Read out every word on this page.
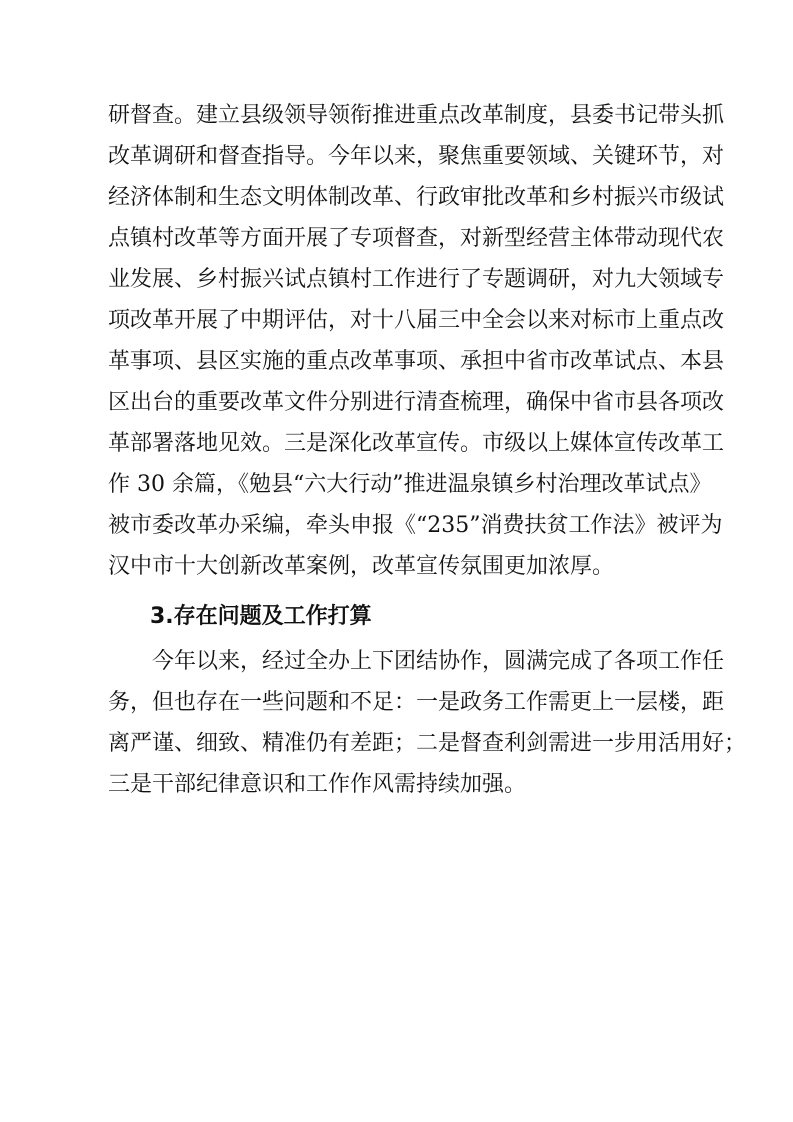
研督查。建立县级领导领衔推进重点改革制度，县委书记带头抓
改革调研和督查指导。今年以来，聚焦重要领域、关键环节，对
经济体制和生态文明体制改革、行政审批改革和乡村振兴市级试
点镇村改革等方面开展了专项督查，对新型经营主体带动现代农
业发展、乡村振兴试点镇村工作进行了专题调研，对九大领域专
项改革开展了中期评估，对十八届三中全会以来对标市上重点改
革事项、县区实施的重点改革事项、承担中省市改革试点、本县
区出台的重要改革文件分别进行清查梳理，确保中省市县各项改
革部署落地见效。三是深化改革宣传。市级以上媒体宣传改革工
作 30 余篇，《勉县“六大行动”推进温泉镇乡村治理改革试点》
被市委改革办采编，牵头申报《“235”消费扶贫工作法》被评为
汉中市十大创新改革案例，改革宣传氛围更加浓厚。
3.存在问题及工作打算
今年以来，经过全办上下团结协作，圆满完成了各项工作任
务，但也存在一些问题和不足：一是政务工作需更上一层楼，距
离严谨、细致、精准仍有差距；二是督查利剑需进一步用活用好；
三是干部纪律意识和工作作风需持续加强。
